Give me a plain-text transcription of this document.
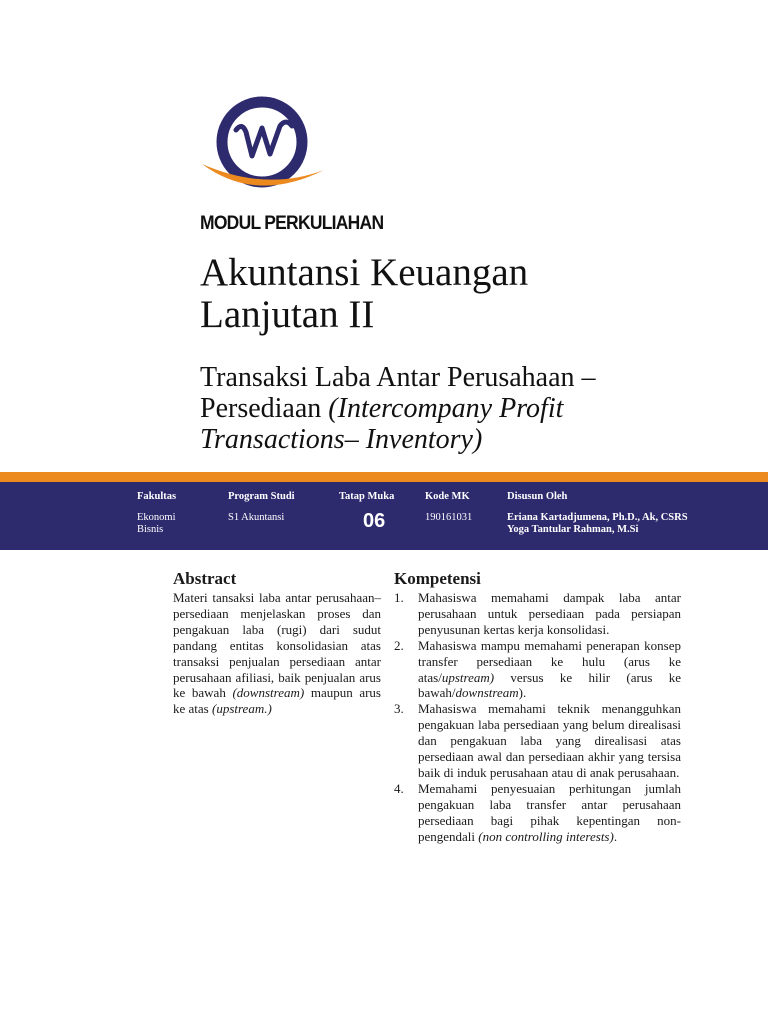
MODUL PERKULIAHAN
Akuntansi Keuangan
Lanjutan II
Transaksi Laba Antar Perusahaan –
Persediaan (Intercompany Profit
Transactions– Inventory)
Fakultas
Ekonomi
Bisnis
Program Studi
S1 Akuntansi
Tatap Muka
06
Kode MK
190161031
Disusun Oleh
Eriana Kartadjumena, Ph.D., Ak, CSRS
Yoga Tantular Rahman, M.Si
Abstract
Materi tansaksi laba antar perusahaan– persediaan menjelaskan proses dan pengakuan laba (rugi) dari sudut pandang entitas konsolidasian atas transaksi penjualan persediaan antar perusahaan afiliasi, baik penjualan arus ke bawah (downstream) maupun arus ke atas (upstream.)
Kompetensi
1. Mahasiswa memahami dampak laba antar perusahaan untuk persediaan pada persiapan penyusunan kertas kerja konsolidasi.
2. Mahasiswa mampu memahami penerapan konsep transfer persediaan ke hulu (arus ke atas/upstream) versus ke hilir (arus ke bawah/downstream).
3. Mahasiswa memahami teknik menangguhkan pengakuan laba persediaan yang belum direalisasi dan pengakuan laba yang direalisasi atas persediaan awal dan persediaan akhir yang tersisa baik di induk perusahaan atau di anak perusahaan.
4. Memahami penyesuaian perhitungan jumlah pengakuan laba transfer antar perusahaan persediaan bagi pihak kepentingan non-pengendali (non controlling interests).
